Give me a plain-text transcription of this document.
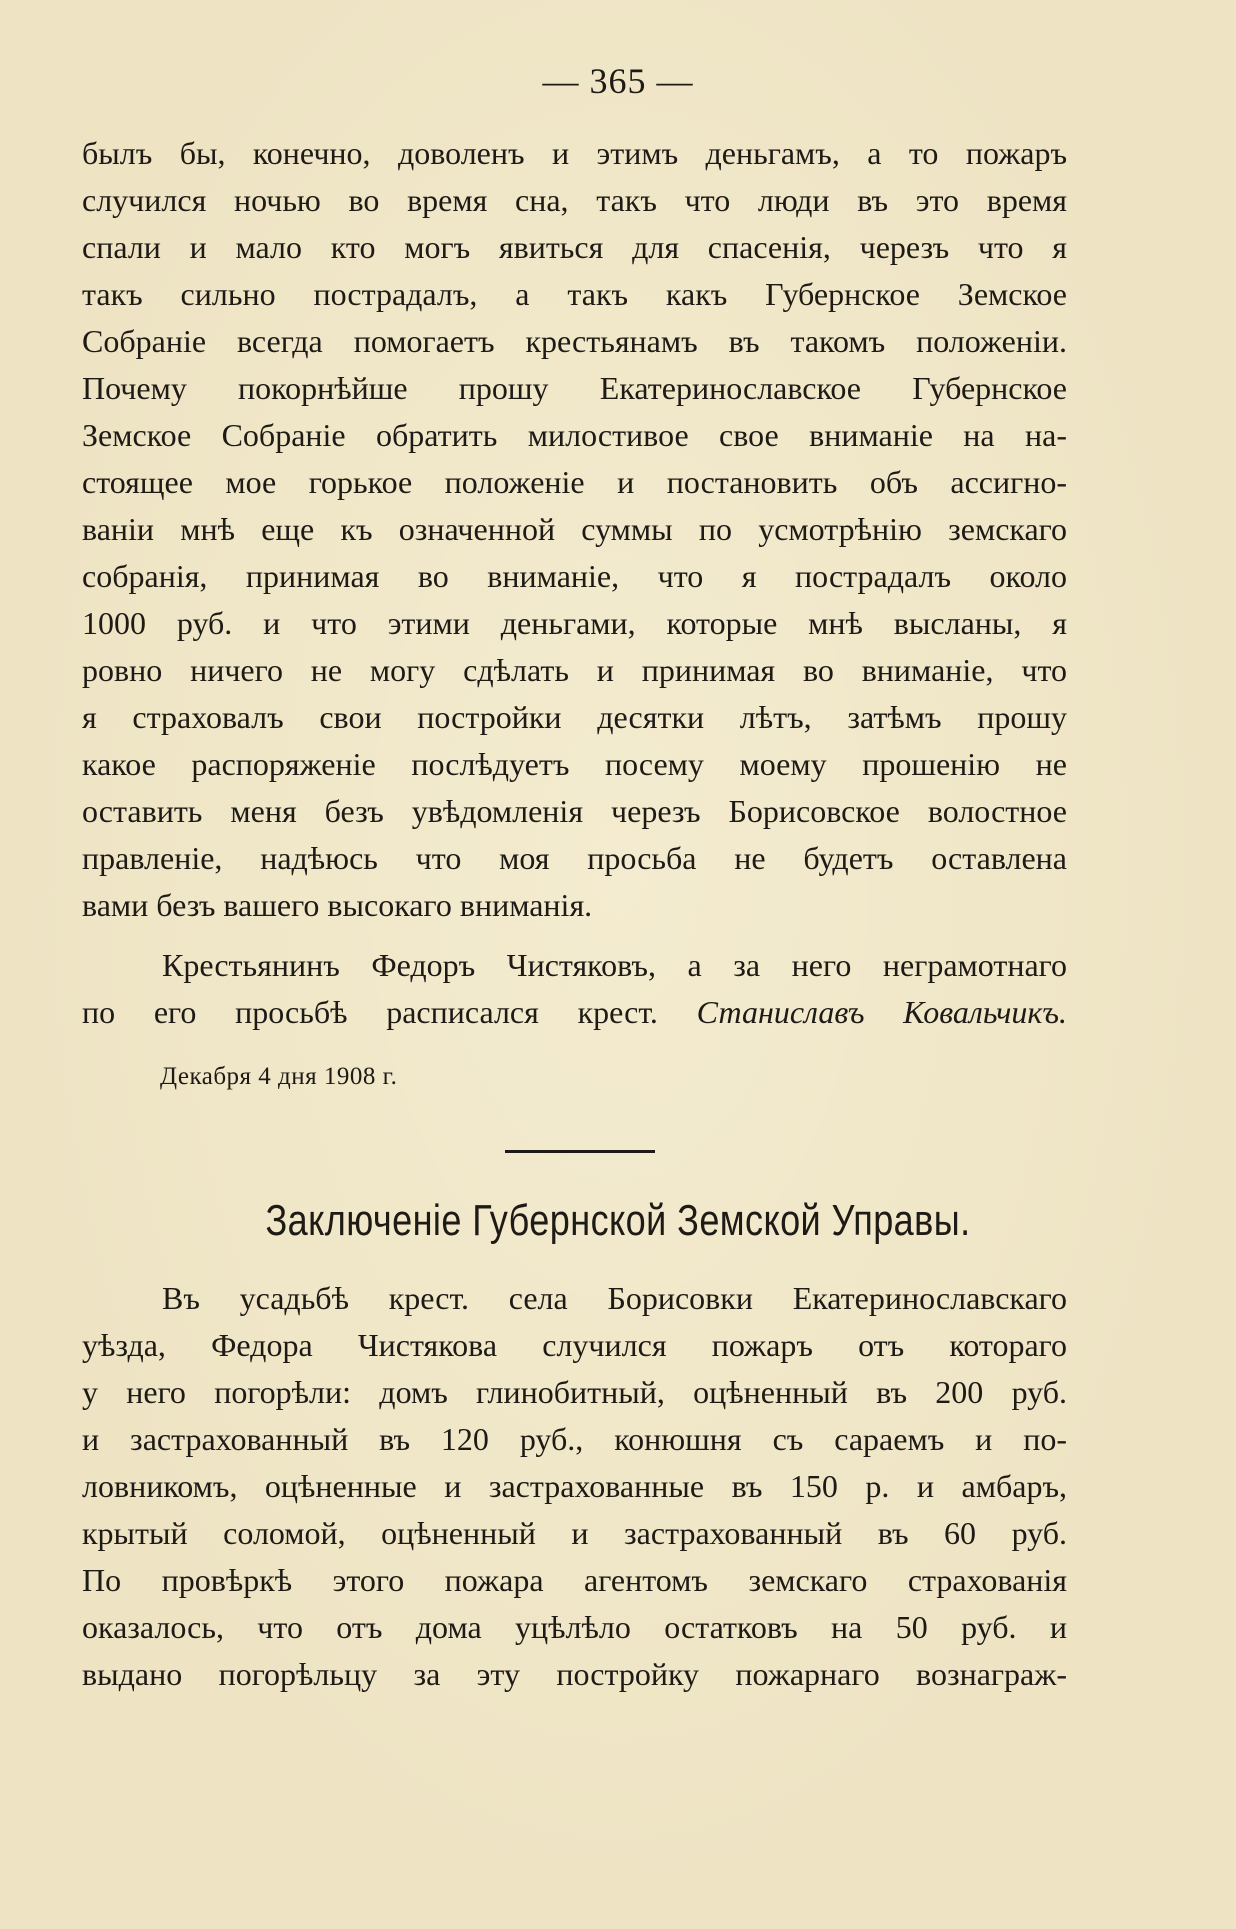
— 365 —
былъ бы, конечно, доволенъ и этимъ деньгамъ, а то пожаръ
случился ночью во время сна, такъ что люди въ это время
спали и мало кто могъ явиться для спасенія, черезъ что я
такъ сильно пострадалъ, а такъ какъ Губернское Земское
Собраніе всегда помогаетъ крестьянамъ въ такомъ положеніи.
Почему покорнѣйше прошу Екатеринославское Губернское
Земское Собраніе обратить милостивое свое вниманіе на на-
стоящее мое горькое положеніе и постановить объ ассигно-
ваніи мнѣ еще къ означенной суммы по усмотрѣнію земскаго
собранія, принимая во вниманіе, что я пострадалъ около
1000 руб. и что этими деньгами, которые мнѣ высланы, я
ровно ничего не могу сдѣлать и принимая во вниманіе, что
я страховалъ свои постройки десятки лѣтъ, затѣмъ прошу
какое распоряженіе послѣдуетъ посему моему прошенію не
оставить меня безъ увѣдомленія черезъ Борисовское волостное
правленіе, надѣюсь что моя просьба не будетъ оставлена
вами безъ вашего высокаго вниманія.
Крестьянинъ Федоръ Чистяковъ, а за него неграмотнаго
по его просьбѣ расписался крест. Станиславъ Ковальчикъ.
Декабря 4 дня 1908 г.
Заключеніе Губернской Земской Управы.
Въ усадьбѣ крест. села Борисовки Екатеринославскаго
уѣзда, Федора Чистякова случился пожаръ отъ котораго
у него погорѣли: домъ глинобитный, оцѣненный въ 200 руб.
и застрахованный въ 120 руб., конюшня съ сараемъ и по-
ловникомъ, оцѣненные и застрахованные въ 150 р. и амбаръ,
крытый соломой, оцѣненный и застрахованный въ 60 руб.
По провѣркѣ этого пожара агентомъ земскаго страхованія
оказалось, что отъ дома уцѣлѣло остатковъ на 50 руб. и
выдано погорѣльцу за эту постройку пожарнаго вознаграж-
